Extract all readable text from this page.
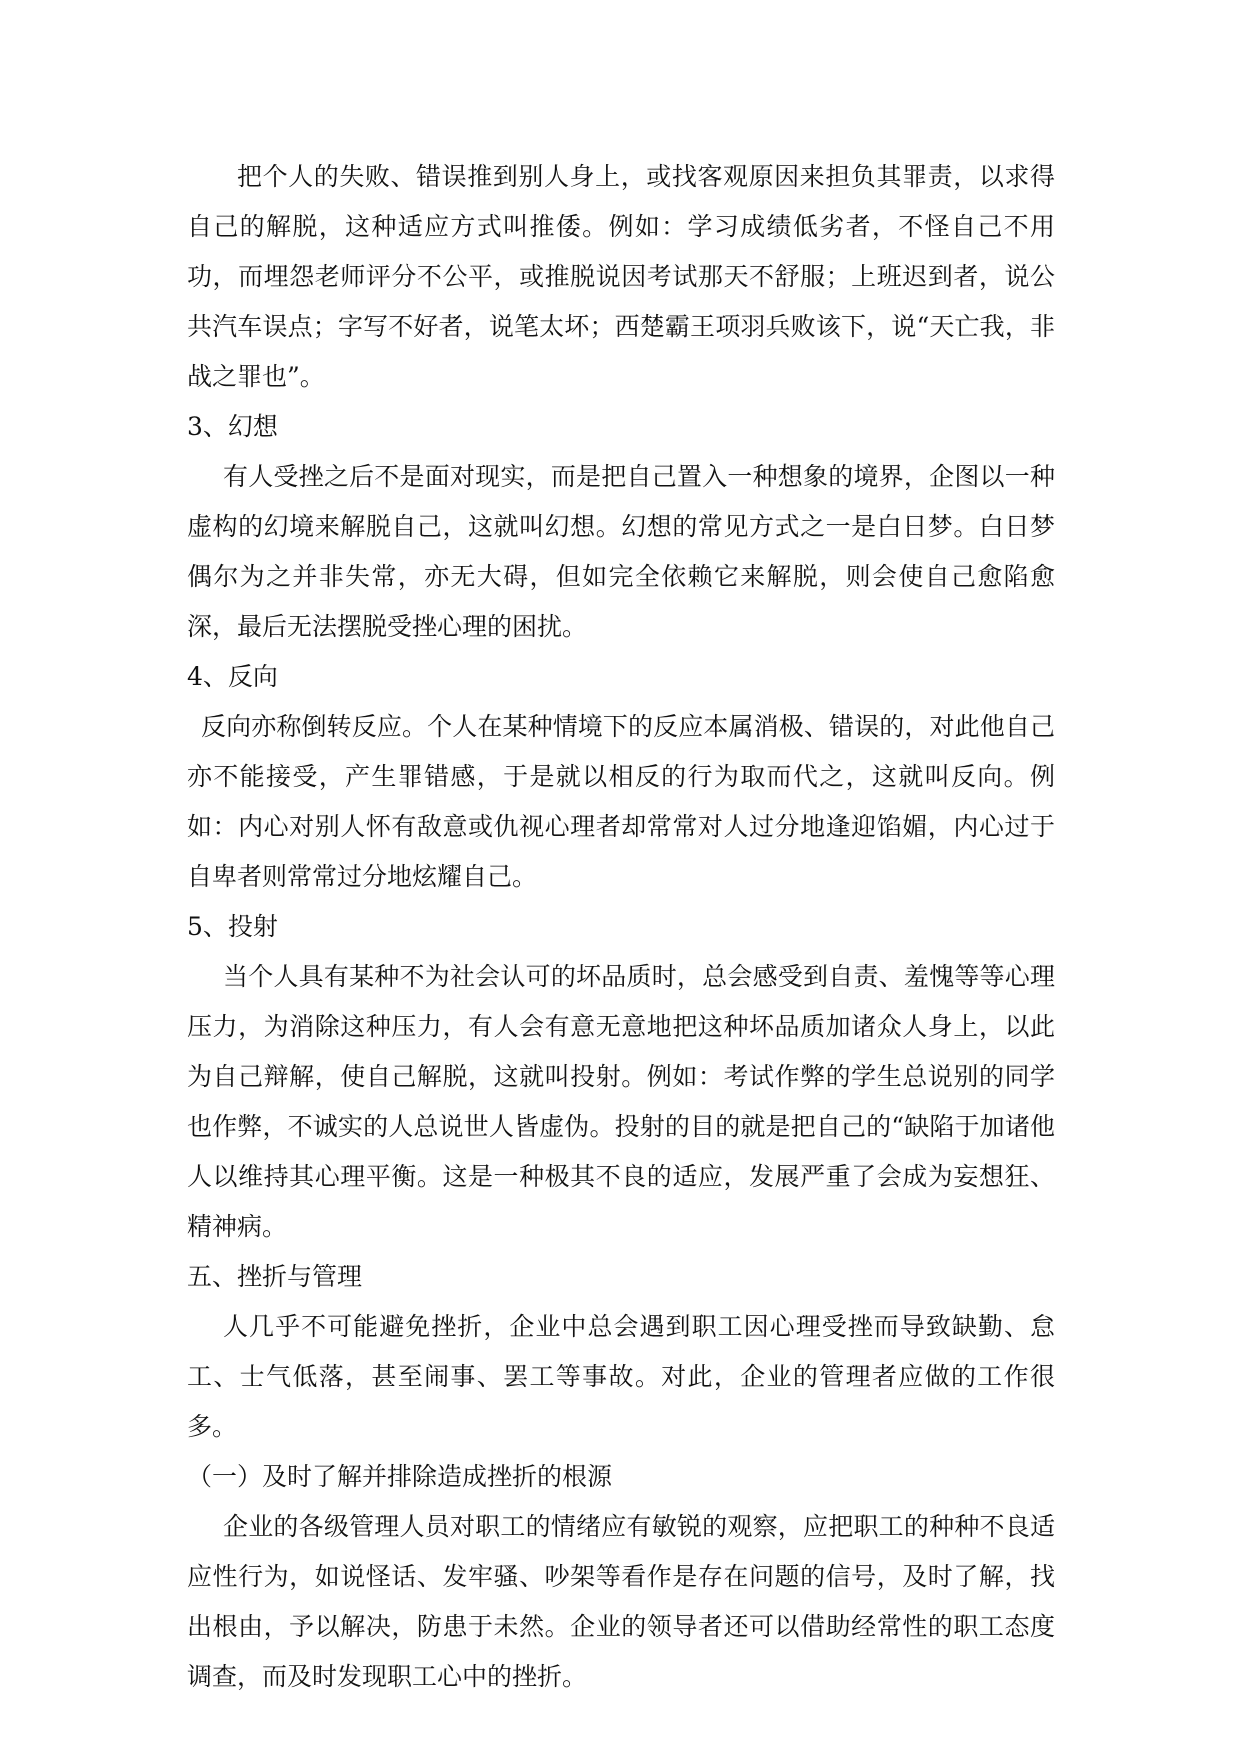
把个人的失败、错误推到别人身上，或找客观原因来担负其罪责，以求得自己的解脱，这种适应方式叫推倭。例如：学习成绩低劣者，不怪自己不用功，而埋怨老师评分不公平，或推脱说因考试那天不舒服；上班迟到者，说公共汽车误点；字写不好者，说笔太坏；西楚霸王项羽兵败该下，说“天亡我，非战之罪也”。

3、幻想

有人受挫之后不是面对现实，而是把自己置入一种想象的境界，企图以一种虚构的幻境来解脱自己，这就叫幻想。幻想的常见方式之一是白日梦。白日梦偶尔为之并非失常，亦无大碍，但如完全依赖它来解脱，则会使自己愈陷愈深，最后无法摆脱受挫心理的困扰。

4、反向

反向亦称倒转反应。个人在某种情境下的反应本属消极、错误的，对此他自己亦不能接受，产生罪错感，于是就以相反的行为取而代之，这就叫反向。例如：内心对别人怀有敌意或仇视心理者却常常对人过分地逢迎馅媚，内心过于自卑者则常常过分地炫耀自己。

5、投射

当个人具有某种不为社会认可的坏品质时，总会感受到自责、羞愧等等心理压力，为消除这种压力，有人会有意无意地把这种坏品质加诸众人身上，以此为自己辩解，使自己解脱，这就叫投射。例如：考试作弊的学生总说别的同学也作弊，不诚实的人总说世人皆虚伪。投射的目的就是把自己的“缺陷于加诸他人以维持其心理平衡。这是一种极其不良的适应，发展严重了会成为妄想狂、精神病。

五、挫折与管理

人几乎不可能避免挫折，企业中总会遇到职工因心理受挫而导致缺勤、怠工、士气低落，甚至闹事、罢工等事故。对此，企业的管理者应做的工作很多。

（一）及时了解并排除造成挫折的根源

企业的各级管理人员对职工的情绪应有敏锐的观察，应把职工的种种不良适应性行为，如说怪话、发牢骚、吵架等看作是存在问题的信号，及时了解，找出根由，予以解决，防患于未然。企业的领导者还可以借助经常性的职工态度调查，而及时发现职工心中的挫折。
